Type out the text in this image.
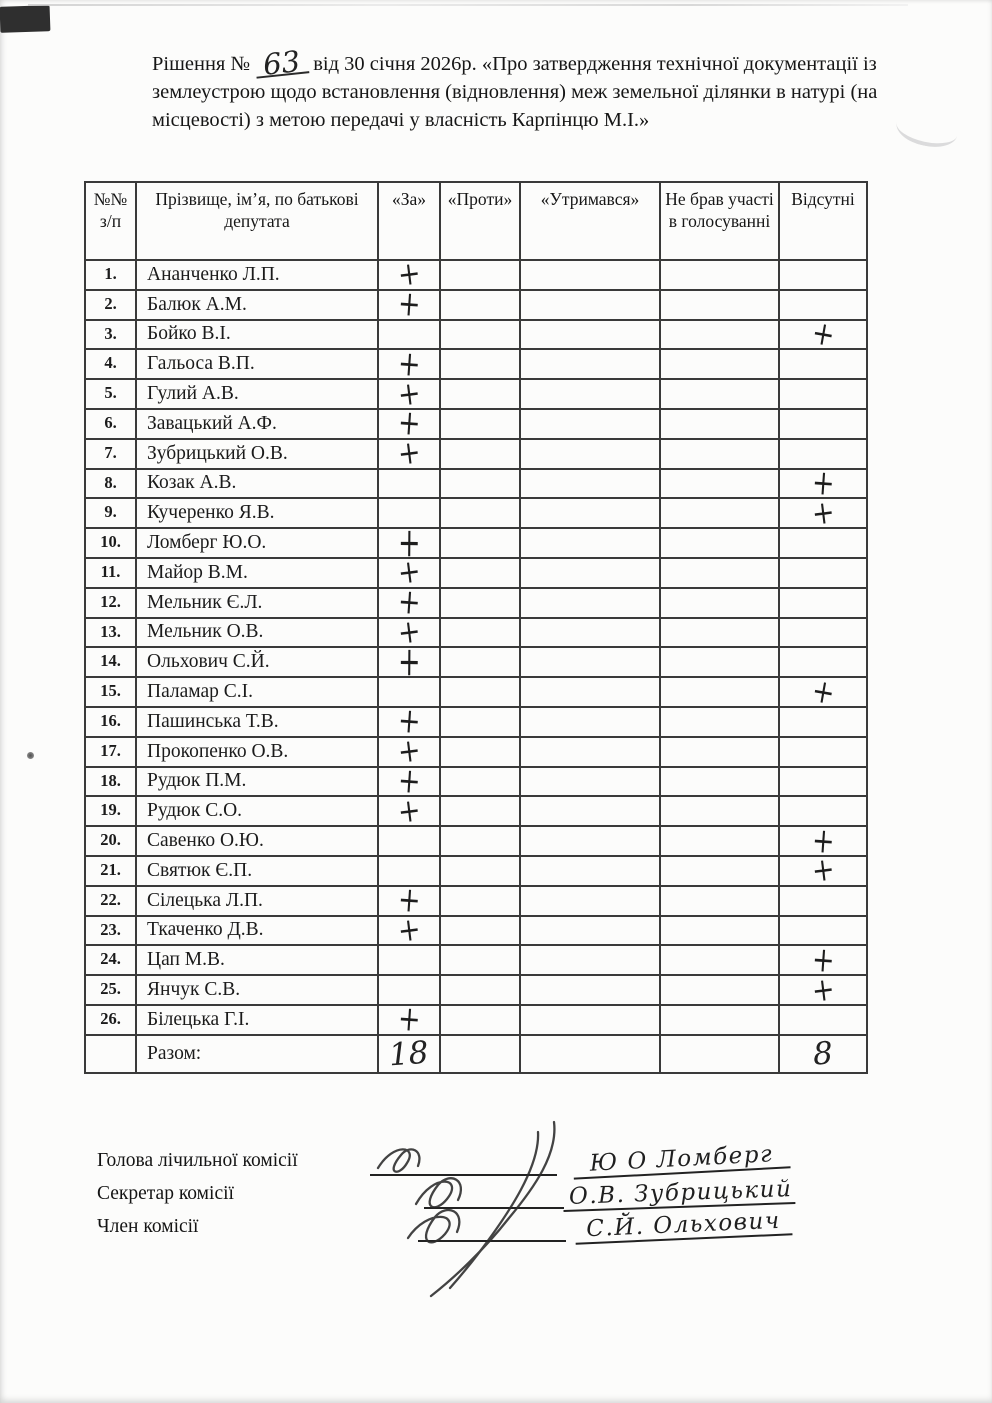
Рішення № 63 від 30 січня 2026р. «Про затвердження технічної документації із землеустрою щодо встановлення (відновлення) меж земельної ділянки в натурі (на місцевості) з метою передачі у власність Карпінцю М.І.»
№№ з/п	Прізвище, ім’я, по батькові депутата	«За»	«Проти»	«Утримався»	Не брав участі в голосуванні	Відсутні
1.	Ананченко Л.П.	+				
2.	Балюк А.М.	+				
3.	Бойко В.І.					+
4.	Гальоса В.П.	+				
5.	Гулий А.В.	+				
6.	Завацький А.Ф.	+				
7.	Зубрицький О.В.	+				
8.	Козак А.В.					+
9.	Кучеренко Я.В.					+
10.	Ломберг Ю.О.	+				
11.	Майор В.М.	+				
12.	Мельник Є.Л.	+				
13.	Мельник О.В.	+				
14.	Ольхович С.Й.	+				
15.	Паламар С.І.					+
16.	Пашинська Т.В.	+				
17.	Прокопенко О.В.	+				
18.	Рудюк П.М.	+				
19.	Рудюк С.О.	+				
20.	Савенко О.Ю.					+
21.	Святюк Є.П.					+
22.	Сілецька Л.П.	+				
23.	Ткаченко Д.В.	+				
24.	Цап М.В.					+
25.	Янчук С.В.					+
26.	Білецька Г.І.	+				
	Разом:	18				8
Голова лічильної комісії
Секретар комісії
Член комісії
Ю О Ломберг
О.В. Зубрицький
С.Й. Ольхович
